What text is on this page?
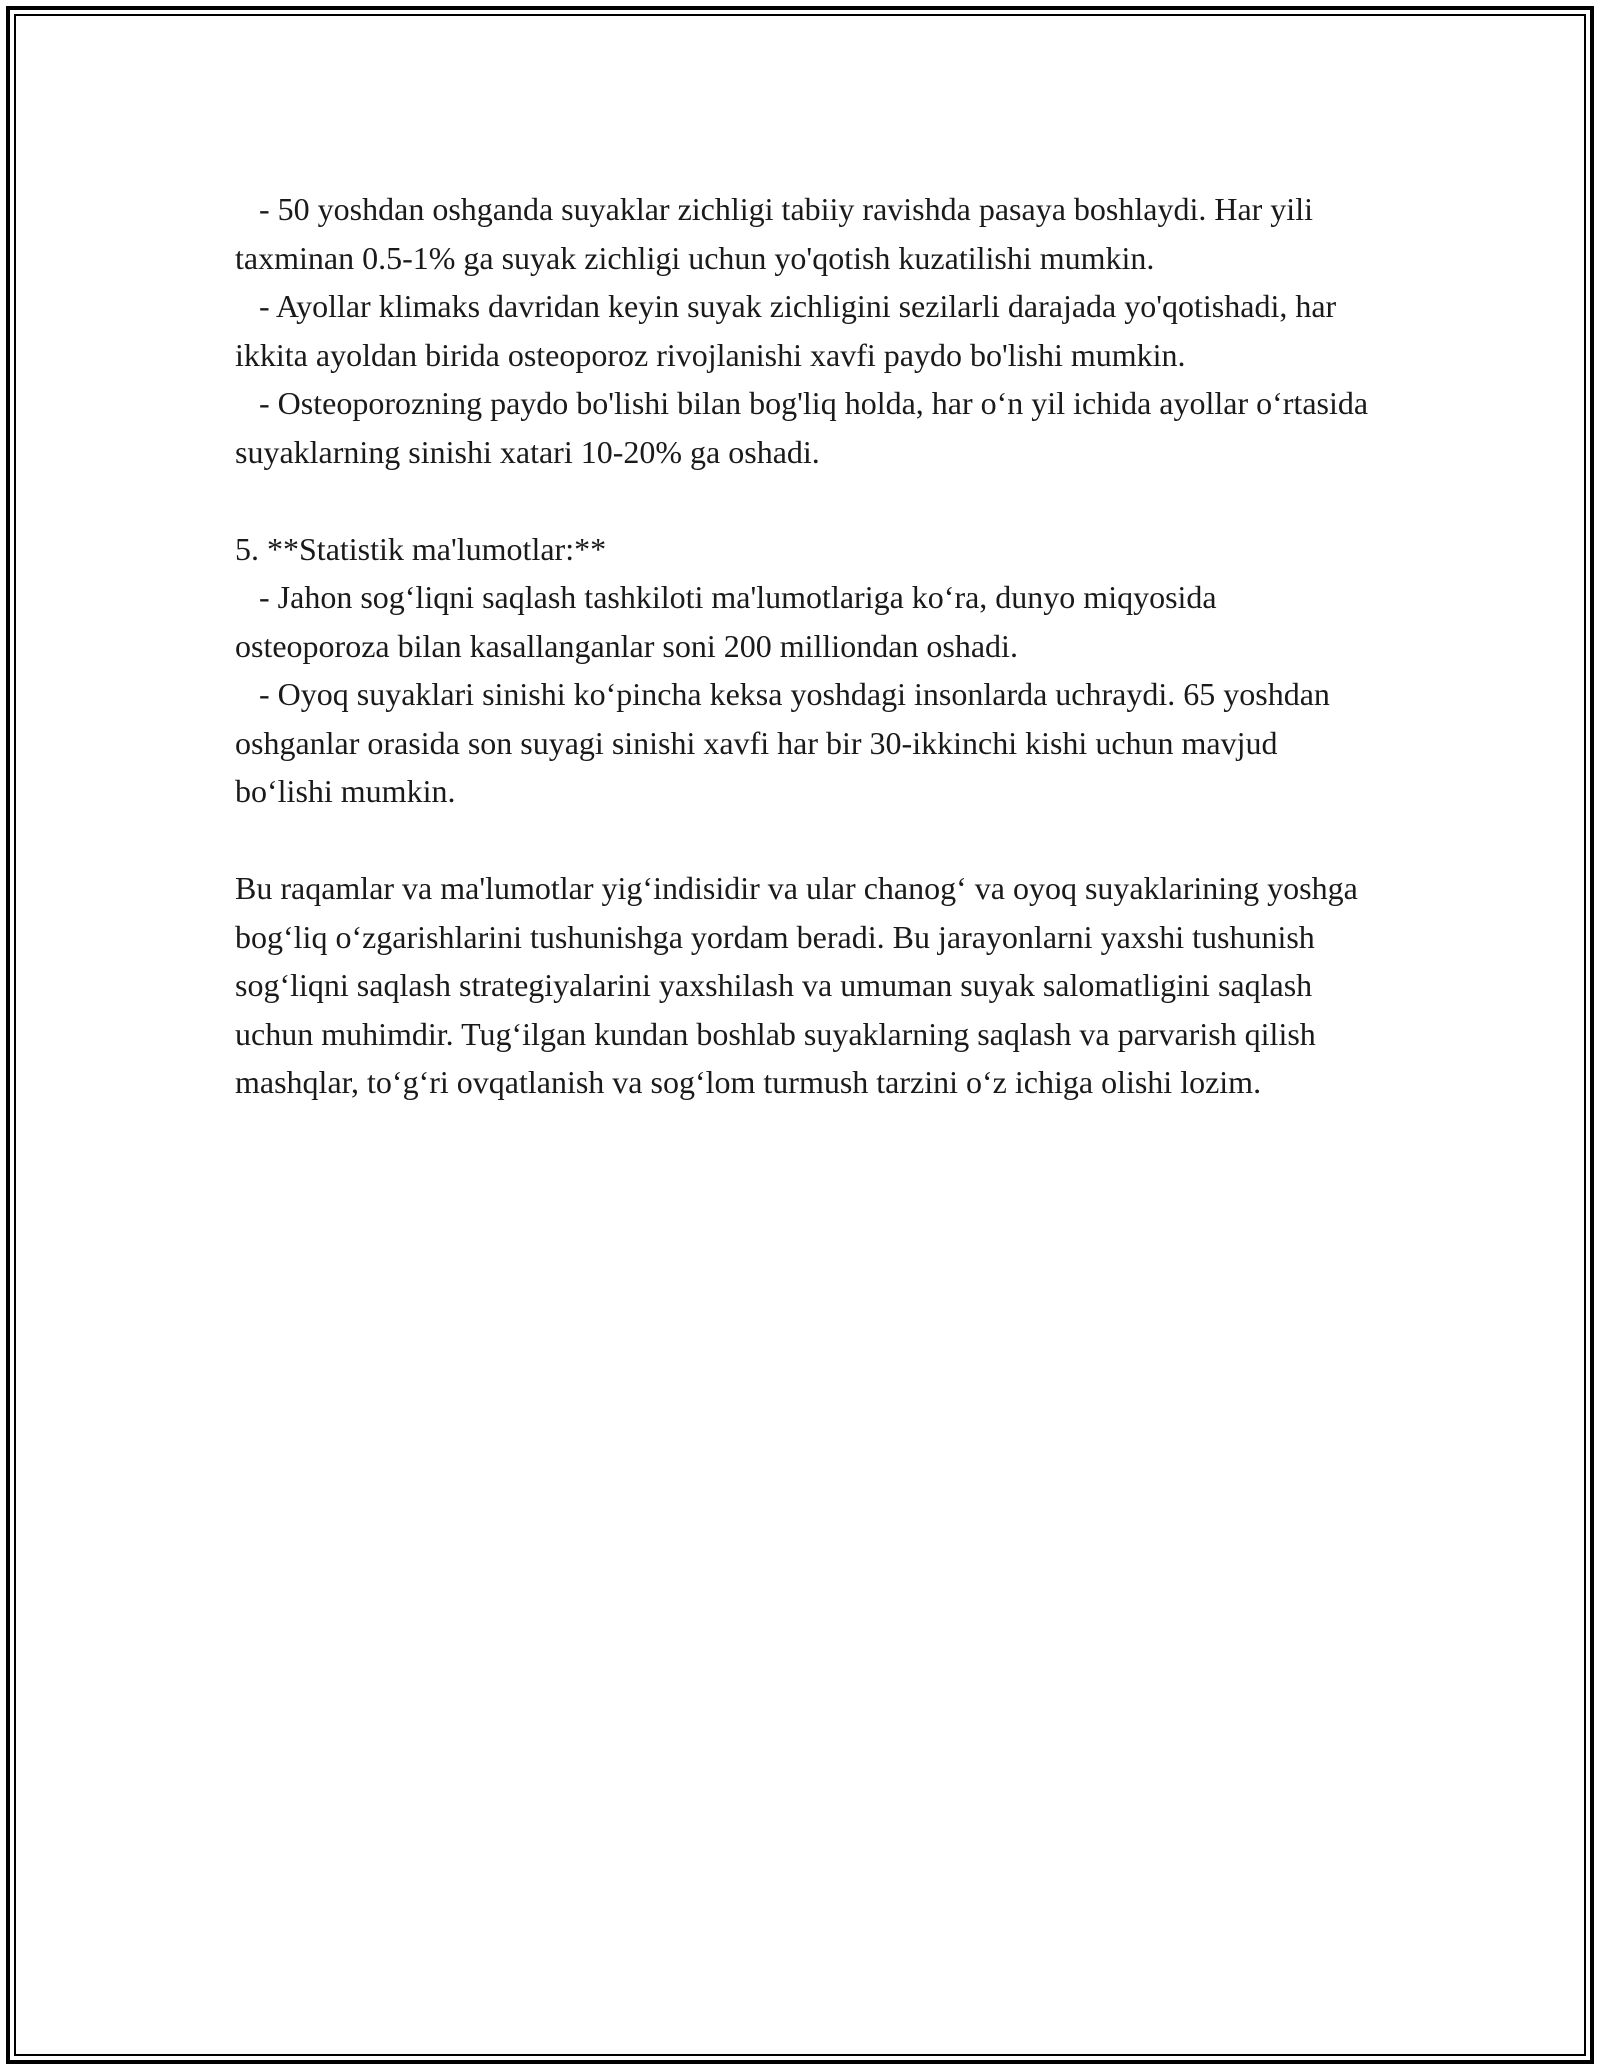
- 50 yoshdan oshganda suyaklar zichligi tabiiy ravishda pasaya boshlaydi. Har yili taxminan 0.5-1% ga suyak zichligi uchun yo'qotish kuzatilishi mumkin.

- Ayollar klimaks davridan keyin suyak zichligini sezilarli darajada yo'qotishadi, har ikkita ayoldan birida osteoporoz rivojlanishi xavfi paydo bo'lishi mumkin.

- Osteoporozning paydo bo'lishi bilan bog'liq holda, har o‘n yil ichida ayollar o‘rtasida suyaklarning sinishi xatari 10-20% ga oshadi.

5. **Statistik ma'lumotlar:**

- Jahon sog‘liqni saqlash tashkiloti ma'lumotlariga ko‘ra, dunyo miqyosida osteoporoza bilan kasallanganlar soni 200 milliondan oshadi.

- Oyoq suyaklari sinishi ko‘pincha keksa yoshdagi insonlarda uchraydi. 65 yoshdan oshganlar orasida son suyagi sinishi xavfi har bir 30-ikkinchi kishi uchun mavjud bo‘lishi mumkin.

Bu raqamlar va ma'lumotlar yig‘indisidir va ular chanog‘ va oyoq suyaklarining yoshga bog‘liq o‘zgarishlarini tushunishga yordam beradi. Bu jarayonlarni yaxshi tushunish sog‘liqni saqlash strategiyalarini yaxshilash va umuman suyak salomatligini saqlash uchun muhimdir. Tug‘ilgan kundan boshlab suyaklarning saqlash va parvarish qilish mashqlar, to‘g‘ri ovqatlanish va sog‘lom turmush tarzini o‘z ichiga olishi lozim.
